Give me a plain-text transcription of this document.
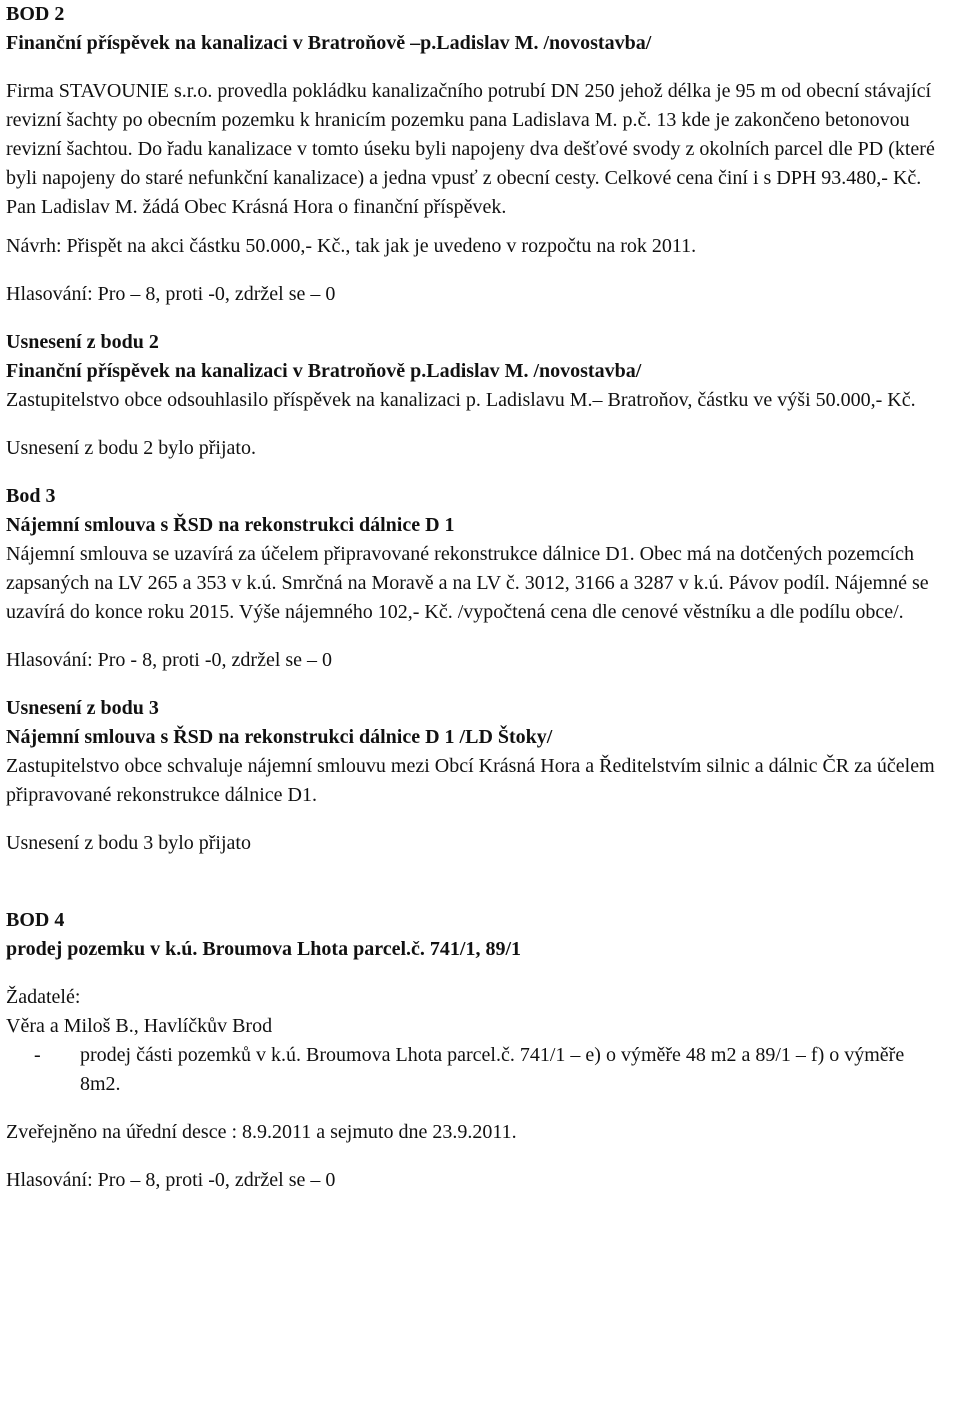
BOD 2

Finanční příspěvek na kanalizaci v Bratroňově –p.Ladislav M. /novostavba/

Firma STAVOUNIE s.r.o. provedla pokládku kanalizačního potrubí DN 250 jehož délka je 95 m od obecní stávající revizní šachty po obecním pozemku k hranicím pozemku pana Ladislava M. p.č. 13 kde je zakončeno betonovou revizní šachtou. Do řadu kanalizace v tomto úseku byli napojeny dva dešťové svody z okolních parcel dle PD (které byli napojeny do staré nefunkční kanalizace) a jedna vpusť z obecní cesty. Celkové cena činí i s DPH 93.480,- Kč. Pan Ladislav M. žádá Obec Krásná Hora o finanční příspěvek.

Návrh: Přispět na akci částku 50.000,- Kč., tak jak je uvedeno v rozpočtu na rok 2011.

Hlasování: Pro – 8, proti -0, zdržel se – 0

Usnesení z bodu 2

Finanční příspěvek na kanalizaci v Bratroňově p.Ladislav M. /novostavba/

Zastupitelstvo obce odsouhlasilo příspěvek na kanalizaci p. Ladislavu M.– Bratroňov, částku ve výši 50.000,- Kč.

Usnesení z bodu 2 bylo přijato.

Bod 3

Nájemní smlouva s ŘSD na rekonstrukci dálnice D 1

Nájemní smlouva se uzavírá za účelem připravované rekonstrukce dálnice D1. Obec má na dotčených pozemcích zapsaných na LV 265 a 353 v k.ú. Smrčná na Moravě a na LV č. 3012, 3166 a 3287 v k.ú. Pávov podíl. Nájemné se uzavírá do konce roku 2015. Výše nájemného 102,- Kč. /vypočtená cena dle cenové věstníku a dle podílu obce/.

Hlasování: Pro - 8, proti -0, zdržel se – 0

Usnesení z bodu 3

Nájemní smlouva s ŘSD na rekonstrukci dálnice D 1 /LD Štoky/

Zastupitelstvo obce schvaluje nájemní smlouvu mezi Obcí Krásná Hora a Ředitelstvím silnic a dálnic ČR za účelem připravované rekonstrukce dálnice D1.

Usnesení z bodu 3 bylo přijato

BOD 4

prodej pozemku v k.ú. Broumova Lhota parcel.č. 741/1, 89/1

Žadatelé:

Věra a Miloš B., Havlíčkův Brod

-	prodej části pozemků v k.ú. Broumova Lhota parcel.č. 741/1 – e) o výměře 48 m2 a 89/1 – f) o výměře 8m2.

Zveřejněno na úřední desce : 8.9.2011 a sejmuto dne 23.9.2011.

Hlasování: Pro – 8, proti -0, zdržel se – 0
